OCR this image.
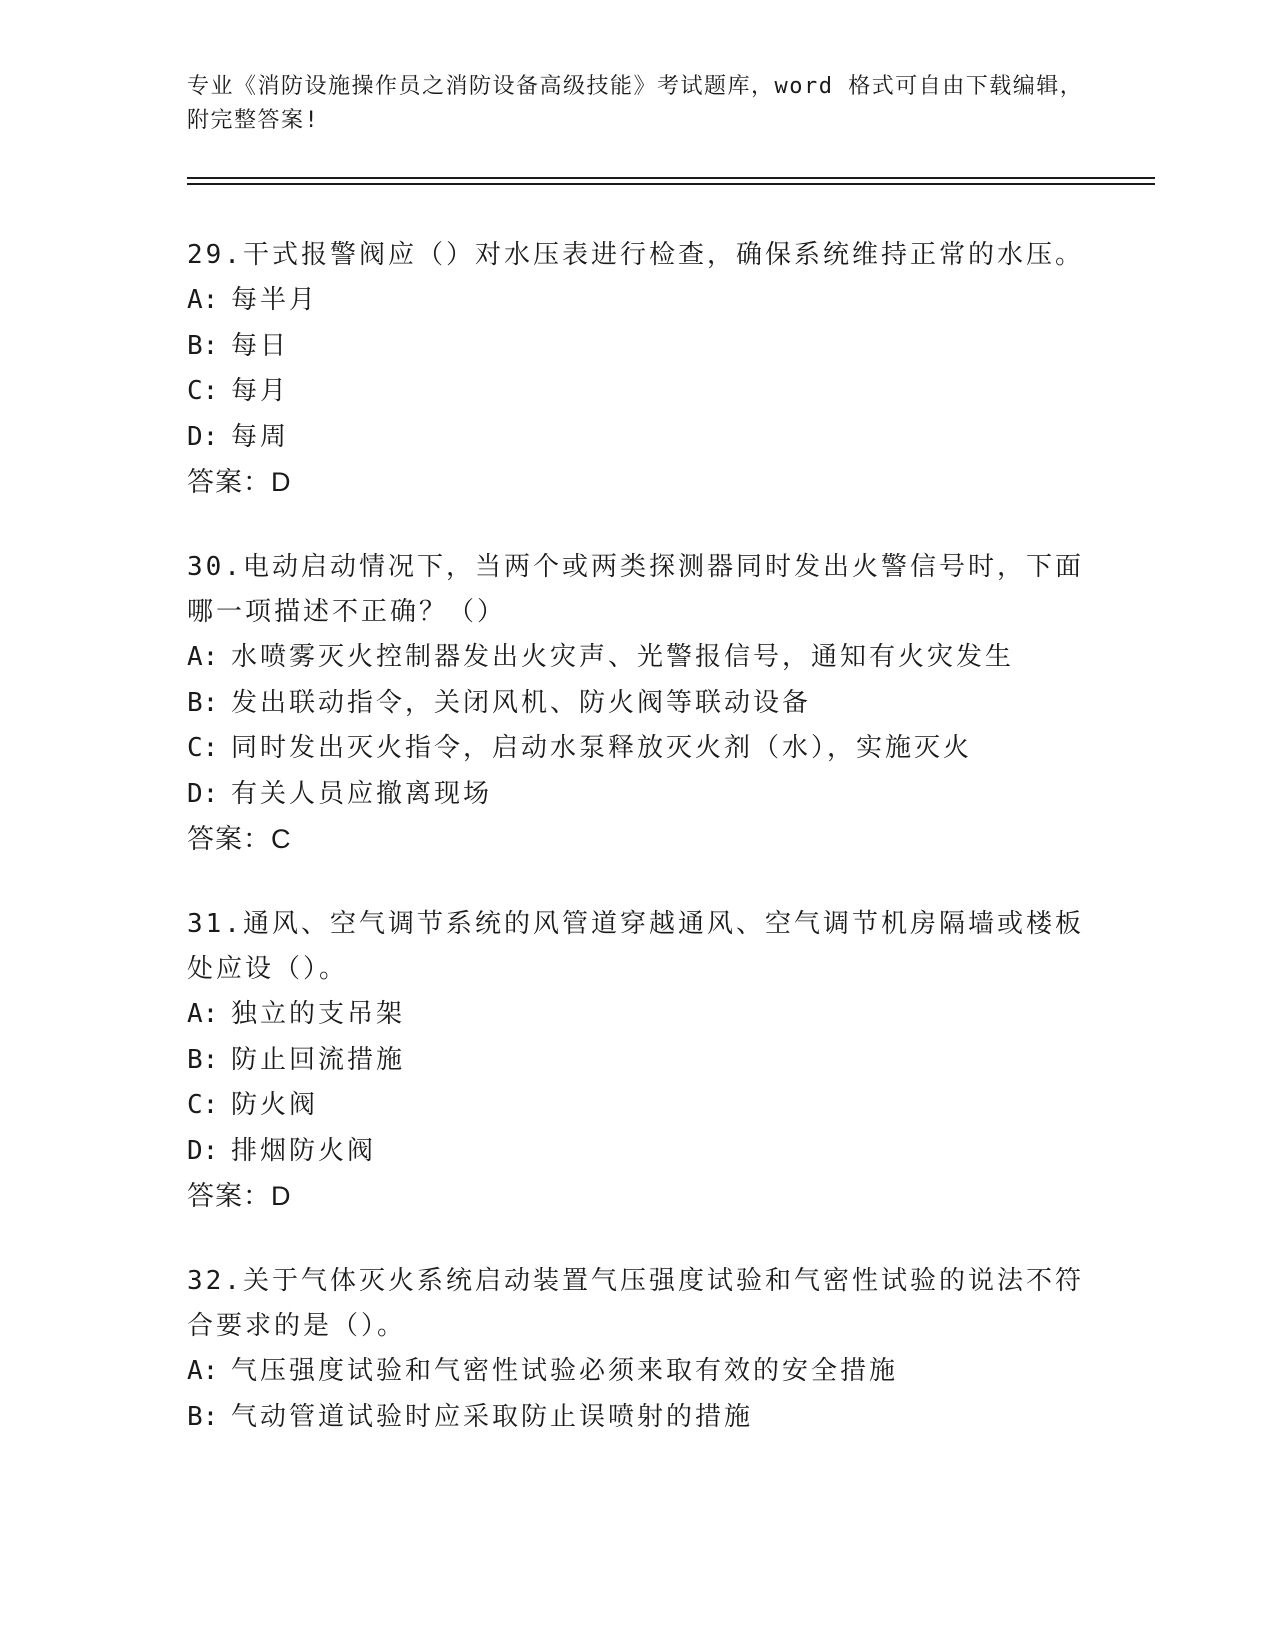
专业《消防设施操作员之消防设备高级技能》考试题库，word 格式可自由下载编辑，附完整答案!
29.干式报警阀应（）对水压表进行检查，确保系统维持正常的水压。
A: 每半月
B: 每日
C: 每月
D: 每周
答案：D
30.电动启动情况下，当两个或两类探测器同时发出火警信号时，下面哪一项描述不正确？（）
A: 水喷雾灭火控制器发出火灾声、光警报信号，通知有火灾发生
B: 发出联动指令，关闭风机、防火阀等联动设备
C: 同时发出灭火指令，启动水泵释放灭火剂（水），实施灭火
D: 有关人员应撤离现场
答案：C
31.通风、空气调节系统的风管道穿越通风、空气调节机房隔墙或楼板处应设（）。
A: 独立的支吊架
B: 防止回流措施
C: 防火阀
D: 排烟防火阀
答案：D
32.关于气体灭火系统启动装置气压强度试验和气密性试验的说法不符合要求的是（）。
A: 气压强度试验和气密性试验必须来取有效的安全措施
B: 气动管道试验时应采取防止误喷射的措施
